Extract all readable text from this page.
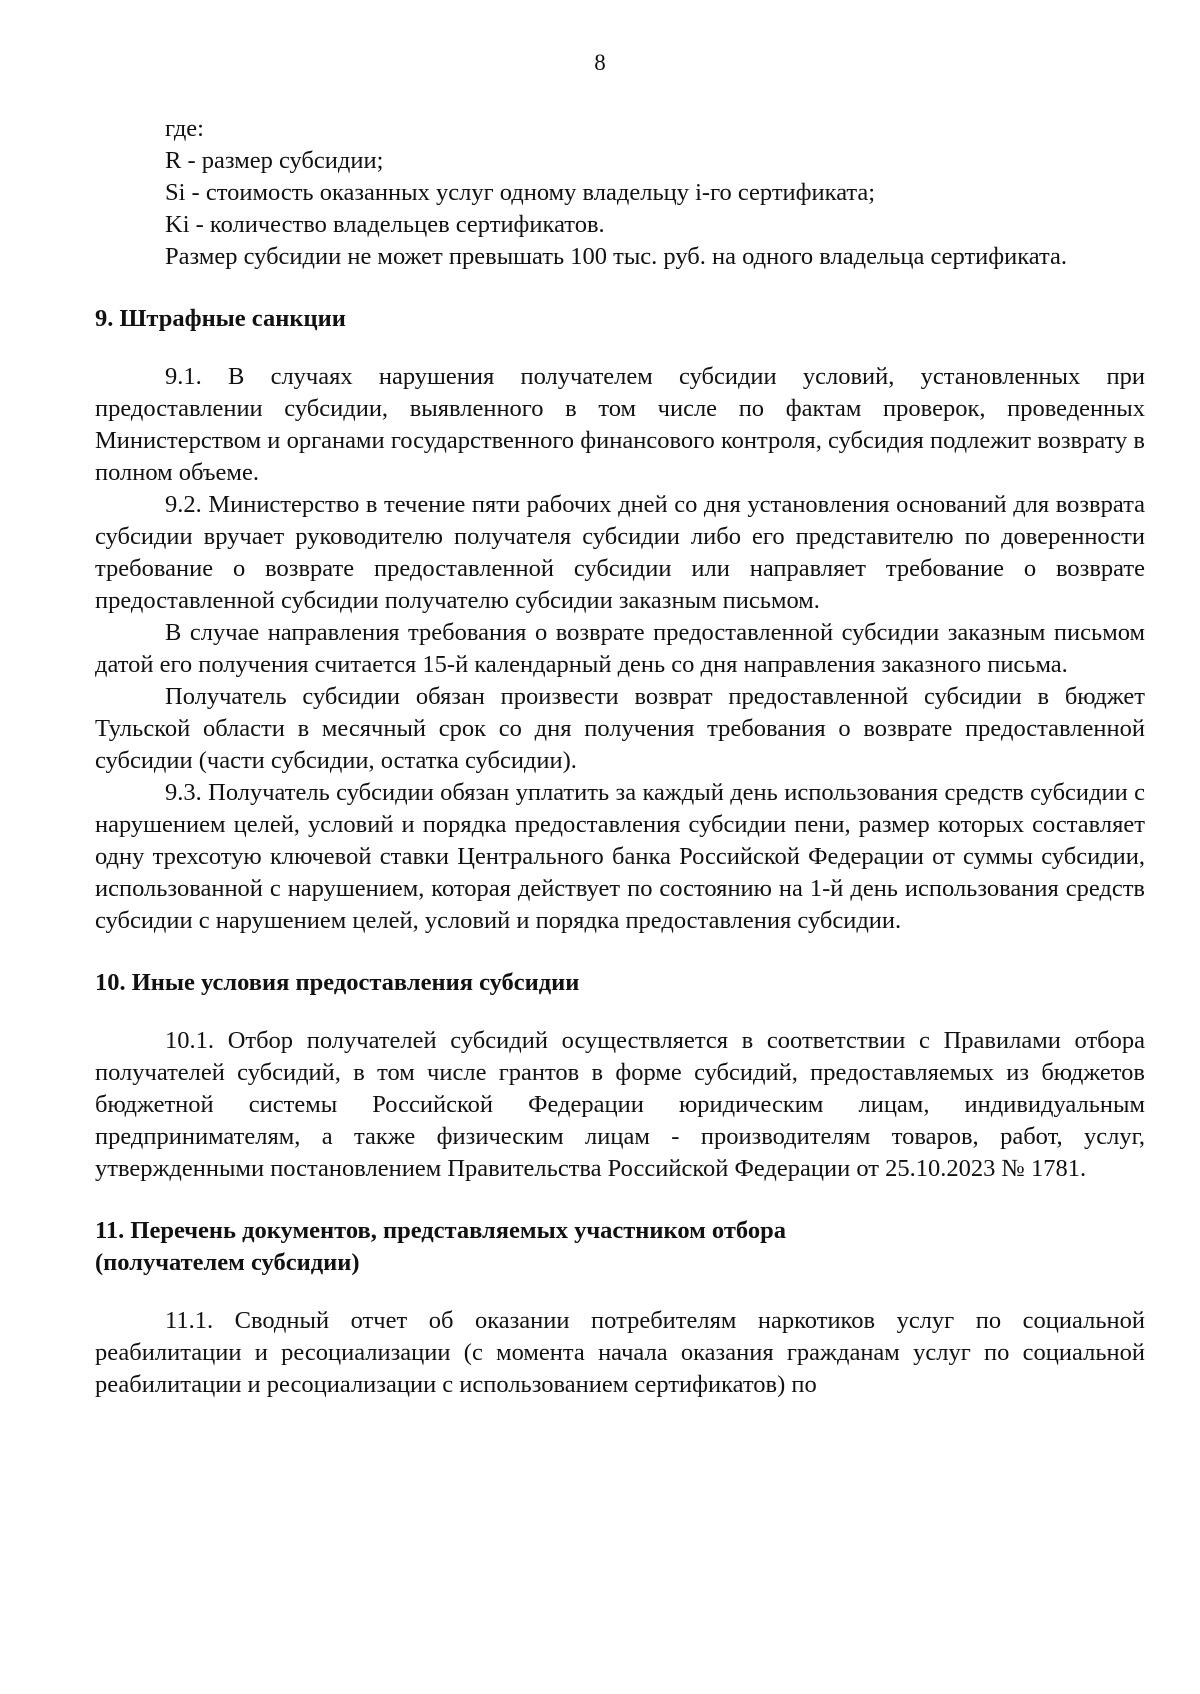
8

где:

R - размер субсидии;

Si - стоимость оказанных услуг одному владельцу i-го сертификата;

Ki - количество владельцев сертификатов.

Размер субсидии не может превышать 100 тыс. руб. на одного владельца сертификата.

9. Штрафные санкции

9.1. В случаях нарушения получателем субсидии условий, установленных при предоставлении субсидии, выявленного в том числе по фактам проверок, проведенных Министерством и органами государственного финансового контроля, субсидия подлежит возврату в полном объеме.

9.2. Министерство в течение пяти рабочих дней со дня установления оснований для возврата субсидии вручает руководителю получателя субсидии либо его представителю по доверенности требование о возврате предоставленной субсидии или направляет требование о возврате предоставленной субсидии получателю субсидии заказным письмом.

В случае направления требования о возврате предоставленной субсидии заказным письмом датой его получения считается 15-й календарный день со дня направления заказного письма.

Получатель субсидии обязан произвести возврат предоставленной субсидии в бюджет Тульской области в месячный срок со дня получения требования о возврате предоставленной субсидии (части субсидии, остатка субсидии).

9.3. Получатель субсидии обязан уплатить за каждый день использования средств субсидии с нарушением целей, условий и порядка предоставления субсидии пени, размер которых составляет одну трехсотую ключевой ставки Центрального банка Российской Федерации от суммы субсидии, использованной с нарушением, которая действует по состоянию на 1-й день использования средств субсидии с нарушением целей, условий и порядка предоставления субсидии.

10. Иные условия предоставления субсидии

10.1. Отбор получателей субсидий осуществляется в соответствии с Правилами отбора получателей субсидий, в том числе грантов в форме субсидий, предоставляемых из бюджетов бюджетной системы Российской Федерации юридическим лицам, индивидуальным предпринимателям, а также физическим лицам - производителям товаров, работ, услуг, утвержденными постановлением Правительства Российской Федерации от 25.10.2023 № 1781.

11. Перечень документов, представляемых участником отбора

(получателем субсидии)

11.1. Сводный отчет об оказании потребителям наркотиков услуг по социальной реабилитации и ресоциализации (с момента начала оказания гражданам услуг по социальной реабилитации и ресоциализации с использованием сертификатов) по
